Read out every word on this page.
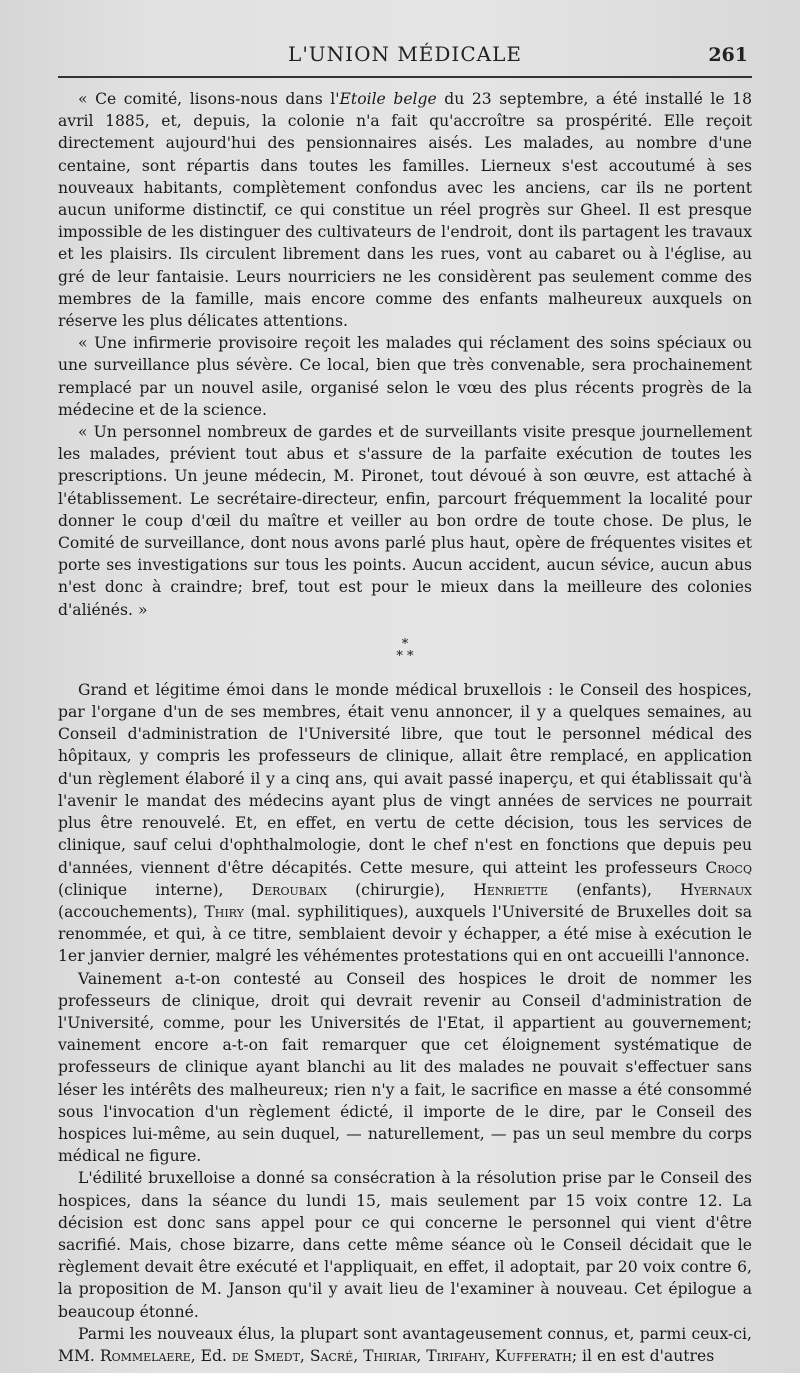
L'UNION MÉDICALE	261

« Ce comité, lisons-nous dans l'Etoile belge du 23 septembre, a été installé le 18 avril 1885, et, depuis, la colonie n'a fait qu'accroître sa prospérité. Elle reçoit directement aujourd'hui des pensionnaires aisés. Les malades, au nombre d'une centaine, sont répartis dans toutes les familles. Lierneux s'est accoutumé à ses nouveaux habitants, complètement confondus avec les anciens, car ils ne portent aucun uniforme distinctif, ce qui constitue un réel progrès sur Gheel. Il est presque impossible de les distinguer des cultivateurs de l'endroit, dont ils partagent les travaux et les plaisirs. Ils circulent librement dans les rues, vont au cabaret ou à l'église, au gré de leur fantaisie. Leurs nourriciers ne les considèrent pas seulement comme des membres de la famille, mais encore comme des enfants malheureux auxquels on réserve les plus délicates attentions.

« Une infirmerie provisoire reçoit les malades qui réclament des soins spéciaux ou une surveillance plus sévère. Ce local, bien que très convenable, sera prochainement remplacé par un nouvel asile, organisé selon le vœu des plus récents progrès de la médecine et de la science.

« Un personnel nombreux de gardes et de surveillants visite presque journellement les malades, prévient tout abus et s'assure de la parfaite exécution de toutes les prescriptions. Un jeune médecin, M. Pironet, tout dévoué à son œuvre, est attaché à l'établissement. Le secrétaire-directeur, enfin, parcourt fréquemment la localité pour donner le coup d'œil du maître et veiller au bon ordre de toute chose. De plus, le Comité de surveillance, dont nous avons parlé plus haut, opère de fréquentes visites et porte ses investigations sur tous les points. Aucun accident, aucun sévice, aucun abus n'est donc à craindre; bref, tout est pour le mieux dans la meilleure des colonies d'aliénés. »

*
* *

Grand et légitime émoi dans le monde médical bruxellois : le Conseil des hospices, par l'organe d'un de ses membres, était venu annoncer, il y a quelques semaines, au Conseil d'administration de l'Université libre, que tout le personnel médical des hôpitaux, y compris les professeurs de clinique, allait être remplacé, en application d'un règlement élaboré il y a cinq ans, qui avait passé inaperçu, et qui établissait qu'à l'avenir le mandat des médecins ayant plus de vingt années de services ne pourrait plus être renouvelé. Et, en effet, en vertu de cette décision, tous les services de clinique, sauf celui d'ophthalmologie, dont le chef n'est en fonctions que depuis peu d'années, viennent d'être décapités. Cette mesure, qui atteint les professeurs Crocq (clinique interne), Deroubaix (chirurgie), Henriette (enfants), Hyernaux (accouchements), Thiry (mal. syphilitiques), auxquels l'Université de Bruxelles doit sa renommée, et qui, à ce titre, semblaient devoir y échapper, a été mise à exécution le 1er janvier dernier, malgré les véhémentes protestations qui en ont accueilli l'annonce.

Vainement a-t-on contesté au Conseil des hospices le droit de nommer les professeurs de clinique, droit qui devrait revenir au Conseil d'administration de l'Université, comme, pour les Universités de l'Etat, il appartient au gouvernement; vainement encore a-t-on fait remarquer que cet éloignement systématique de professeurs de clinique ayant blanchi au lit des malades ne pouvait s'effectuer sans léser les intérêts des malheureux; rien n'y a fait, le sacrifice en masse a été consommé sous l'invocation d'un règlement édicté, il importe de le dire, par le Conseil des hospices lui-même, au sein duquel, — naturellement, — pas un seul membre du corps médical ne figure.

L'édilité bruxelloise a donné sa consécration à la résolution prise par le Conseil des hospices, dans la séance du lundi 15, mais seulement par 15 voix contre 12. La décision est donc sans appel pour ce qui concerne le personnel qui vient d'être sacrifié. Mais, chose bizarre, dans cette même séance où le Conseil décidait que le règlement devait être exécuté et l'appliquait, en effet, il adoptait, par 20 voix contre 6, la proposition de M. Janson qu'il y avait lieu de l'examiner à nouveau. Cet épilogue a beaucoup étonné.

Parmi les nouveaux élus, la plupart sont avantageusement connus, et, parmi ceux-ci, MM. Rommelaere, Ed. de Smedt, Sacré, Thiriar, Tirifahy, Kufferath; il en est d'autres
